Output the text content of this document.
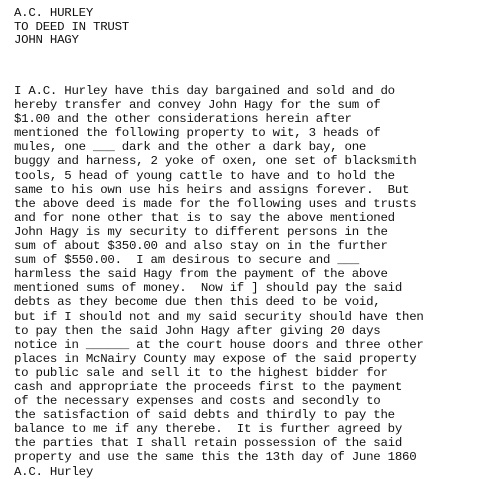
A.C. HURLEY
TO DEED IN TRUST
JOHN HAGY
I A.C. Hurley have this day bargained and sold and do
hereby transfer and convey John Hagy for the sum of
$1.00 and the other considerations herein after
mentioned the following property to wit, 3 heads of
mules, one ___ dark and the other a dark bay, one
buggy and harness, 2 yoke of oxen, one set of blacksmith
tools, 5 head of young cattle to have and to hold the
same to his own use his heirs and assigns forever.  But
the above deed is made for the following uses and trusts
and for none other that is to say the above mentioned
John Hagy is my security to different persons in the
sum of about $350.00 and also stay on in the further
sum of $550.00.  I am desirous to secure and ___
harmless the said Hagy from the payment of the above
mentioned sums of money.  Now if ] should pay the said
debts as they become due then this deed to be void,
but if I should not and my said security should have then
to pay then the said John Hagy after giving 20 days
notice in ______ at the court house doors and three other
places in McNairy County may expose of the said property
to public sale and sell it to the highest bidder for
cash and appropriate the proceeds first to the payment
of the necessary expenses and costs and secondly to
the satisfaction of said debts and thirdly to pay the
balance to me if any therebe.  It is further agreed by
the parties that I shall retain possession of the said
property and use the same this the 13th day of June 1860
A.C. Hurley
